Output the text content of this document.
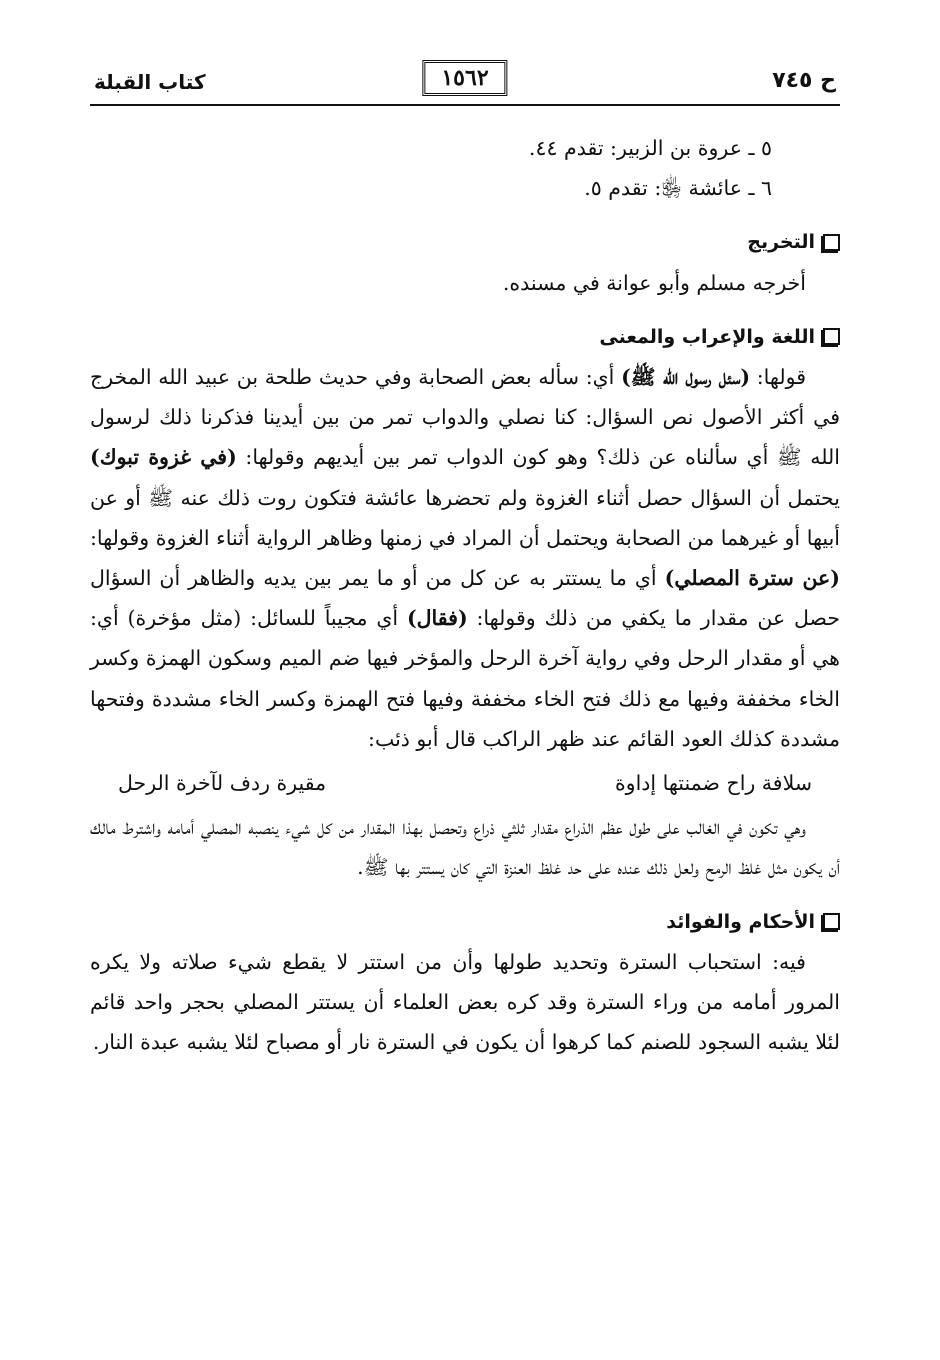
ح ٧٤٥
١٥٦٢
كتاب القبلة

٥ ـ عروة بن الزبير: تقدم ٤٤.

٦ ـ عائشة ﵂: تقدم ٥.

التخريج

أخرجه مسلم وأبو عوانة في مسنده.

اللغة والإعراب والمعنى

قولها: (سئل رسول الله ﷺ) أي: سأله بعض الصحابة وفي حديث طلحة بن عبيد الله المخرج في أكثر الأصول نص السؤال: كنا نصلي والدواب تمر من بين أيدينا فذكرنا ذلك لرسول الله ﷺ أي سألناه عن ذلك؟ وهو كون الدواب تمر بين أيديهم وقولها: (في غزوة تبوك) يحتمل أن السؤال حصل أثناء الغزوة ولم تحضرها عائشة فتكون روت ذلك عنه ﷺ أو عن أبيها أو غيرهما من الصحابة ويحتمل أن المراد في زمنها وظاهر الرواية أثناء الغزوة وقولها: (عن سترة المصلي) أي ما يستتر به عن كل من أو ما يمر بين يديه والظاهر أن السؤال حصل عن مقدار ما يكفي من ذلك وقولها: (فقال) أي مجيباً للسائل: (مثل مؤخرة) أي: هي أو مقدار الرحل وفي رواية آخرة الرحل والمؤخر فيها ضم الميم وسكون الهمزة وكسر الخاء مخففة وفيها مع ذلك فتح الخاء مخففة وفيها فتح الهمزة وكسر الخاء مشددة وفتحها مشددة كذلك العود القائم عند ظهر الراكب قال أبو ذئب:

سلافة راح ضمنتها إداوة
مقيرة ردف لآخرة الرحل

وهي تكون في الغالب على طول عظم الذراع مقدار ثلثي ذراع وتحصل بهذا المقدار من كل شيء ينصبه المصلي أمامه واشترط مالك أن يكون مثل غلظ الرمح ولعل ذلك عنده على حد غلظ العنزة التي كان يستتر بها ﷺ.

الأحكام والفوائد

فيه: استحباب السترة وتحديد طولها وأن من استتر لا يقطع شيء صلاته ولا يكره المرور أمامه من وراء السترة وقد كره بعض العلماء أن يستتر المصلي بحجر واحد قائم لئلا يشبه السجود للصنم كما كرهوا أن يكون في السترة نار أو مصباح لئلا يشبه عبدة النار.
